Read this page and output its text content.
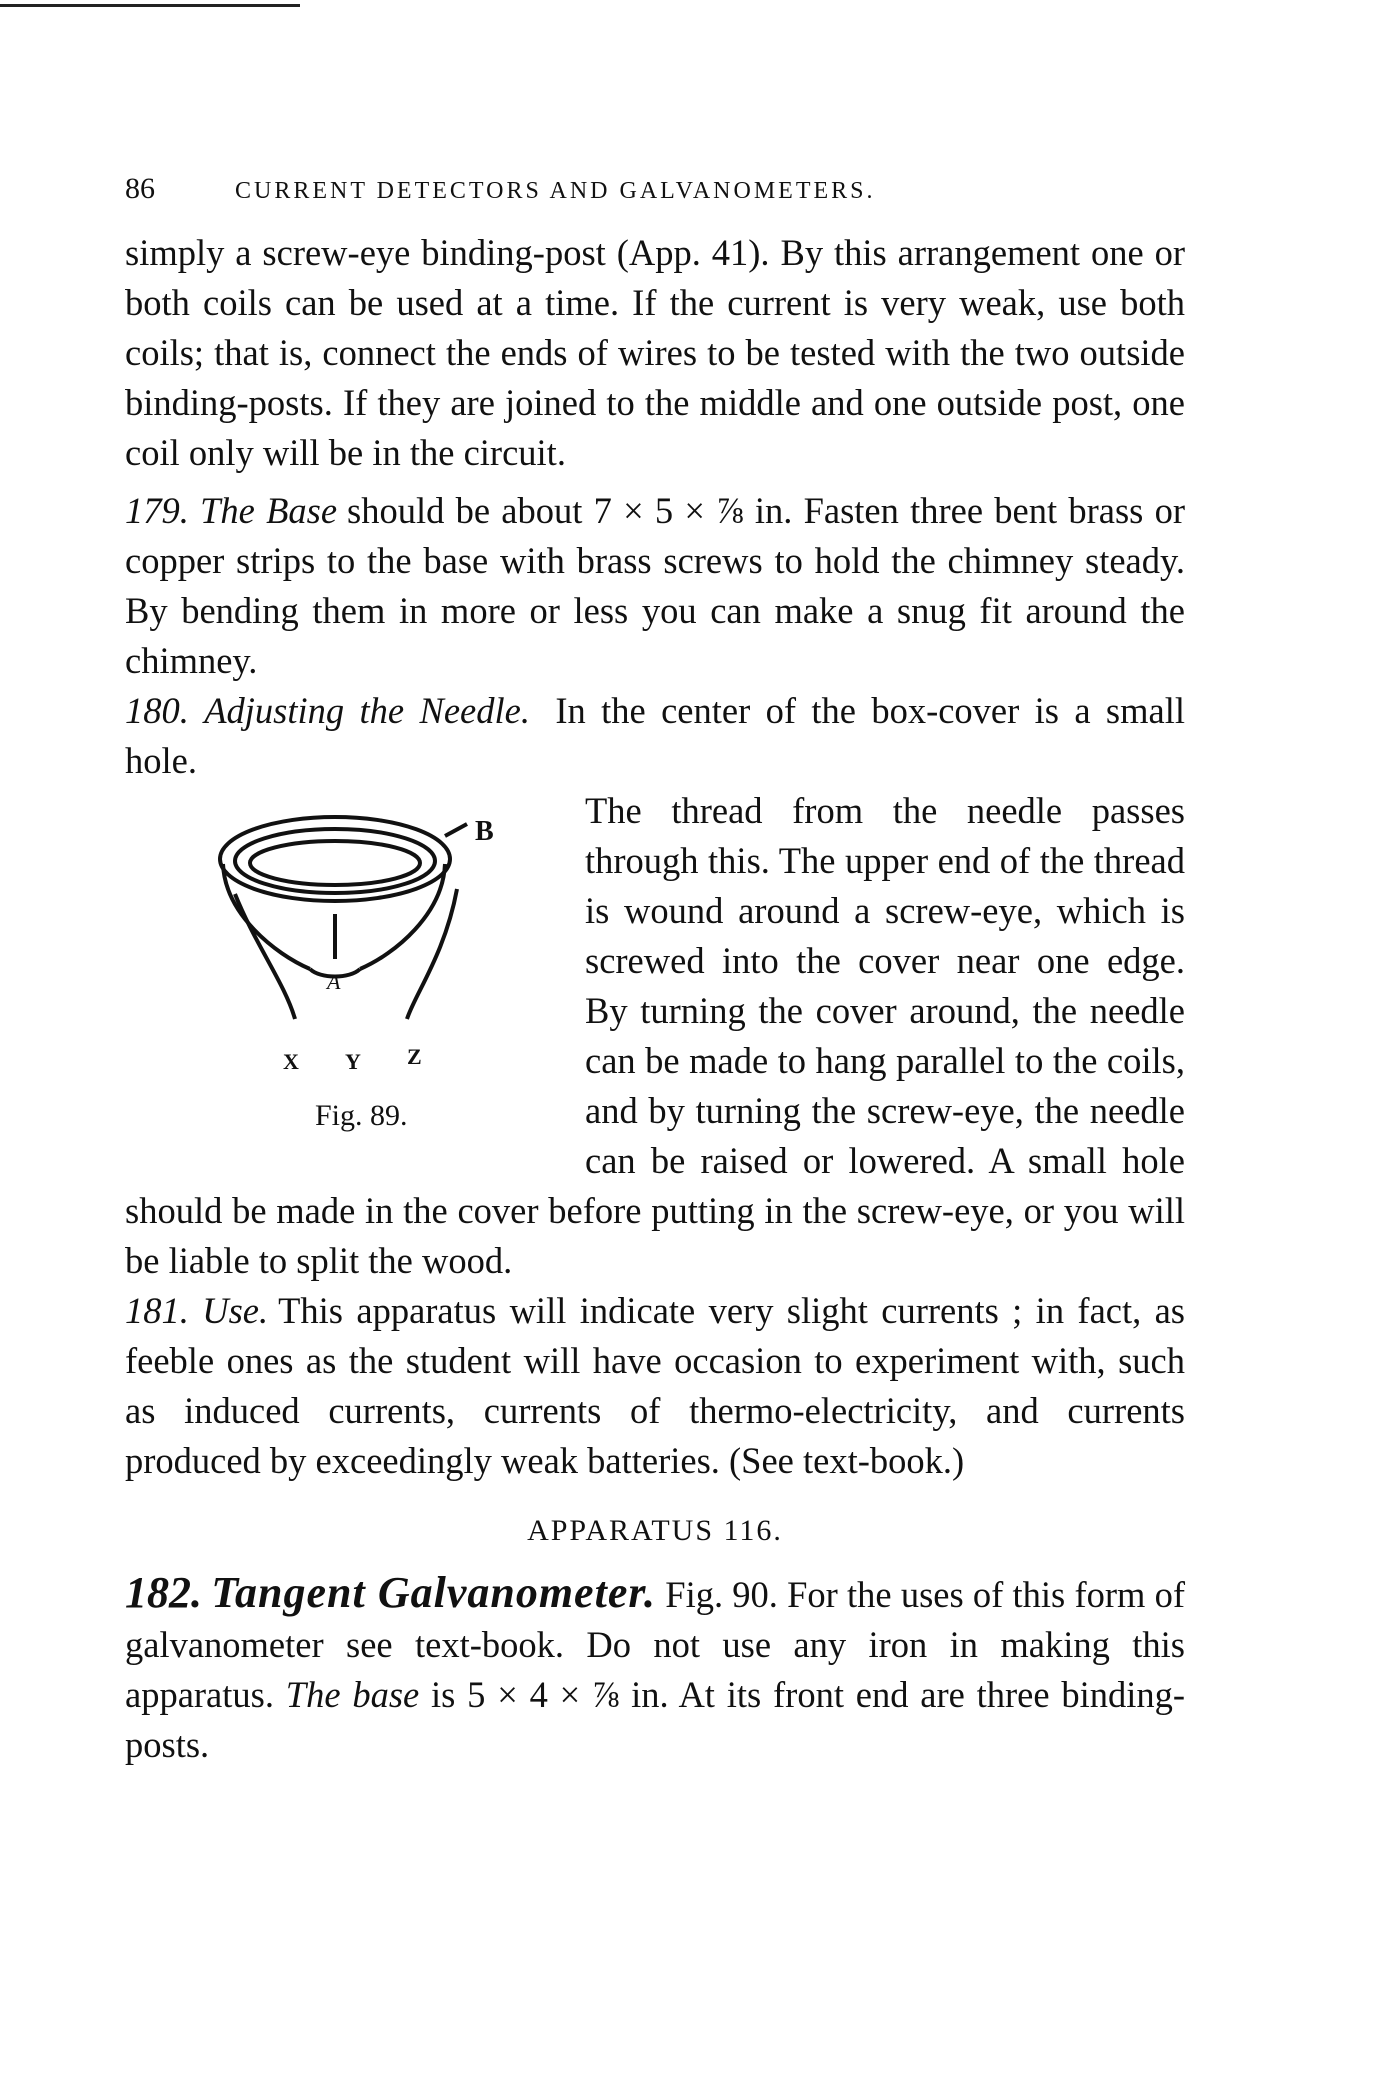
86	CURRENT DETECTORS AND GALVANOMETERS.

simply a screw-eye binding-post (App. 41). By this arrangement one or both coils can be used at a time. If the current is very weak, use both coils; that is, connect the ends of wires to be tested with the two outside binding-posts. If they are joined to the middle and one outside post, one coil only will be in the circuit.

179. The Base should be about 7 × 5 × ⅞ in. Fasten three bent brass or copper strips to the base with brass screws to hold the chimney steady. By bending them in more or less you can make a snug fit around the chimney.

180. Adjusting the Needle. In the center of the box-cover is a small hole.

B
A
X Y Z
Fig. 89.

The thread from the needle passes through this. The upper end of the thread is wound around a screw-eye, which is screwed into the cover near one edge. By turning the cover around, the needle can be made to hang parallel to the coils, and by turning the screw-eye, the needle can be raised or lowered. A small hole should be made in the cover before putting in the screw-eye, or you will be liable to split the wood.

181. Use. This apparatus will indicate very slight currents ; in fact, as feeble ones as the student will have occasion to experiment with, such as induced currents, currents of thermo-electricity, and currents produced by exceedingly weak batteries. (See text-book.)

APPARATUS 116.

182. Tangent Galvanometer. Fig. 90. For the uses of this form of galvanometer see text-book. Do not use any iron in making this apparatus. The base is 5 × 4 × ⅞ in. At its front end are three binding-posts.
